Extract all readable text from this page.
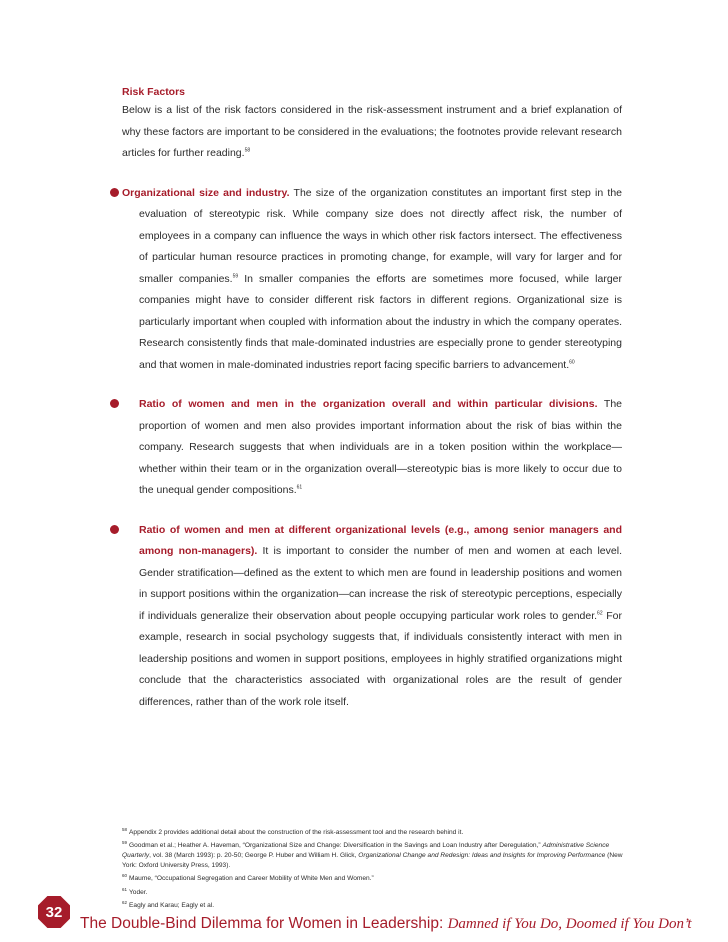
Risk Factors

Below is a list of the risk factors considered in the risk-assessment instrument and a brief explanation of why these factors are important to be considered in the evaluations; the footnotes provide relevant research articles for further reading.$^{58}$

Organizational size and industry. The size of the organization constitutes an important first step in the evaluation of stereotypic risk. While company size does not directly affect risk, the number of employees in a company can influence the ways in which other risk factors intersect. The effectiveness of particular human resource practices in promoting change, for example, will vary for larger and for smaller companies.$^{59}$ In smaller companies the efforts are sometimes more focused, while larger companies might have to consider different risk factors in different regions. Organizational size is particularly important when coupled with information about the industry in which the company operates. Research consistently finds that male-dominated industries are especially prone to gender stereotyping and that women in male-dominated industries report facing specific barriers to advancement.$^{60}$
Ratio of women and men in the organization overall and within particular divisions. The proportion of women and men also provides important information about the risk of bias within the company. Research suggests that when individuals are in a token position within the workplace—whether within their team or in the organization overall—stereotypic bias is more likely to occur due to the unequal gender compositions.$^{61}$
Ratio of women and men at different organizational levels (e.g., among senior managers and among non-managers). It is important to consider the number of men and women at each level. Gender stratification—defined as the extent to which men are found in leadership positions and women in support positions within the organization—can increase the risk of stereotypic perceptions, especially if individuals generalize their observation about people occupying particular work roles to gender.$^{62}$ For example, research in social psychology suggests that, if individuals consistently interact with men in leadership positions and women in support positions, employees in highly stratified organizations might conclude that the characteristics associated with organizational roles are the result of gender differences, rather than of the work role itself.
$^{58}$ Appendix 2 provides additional detail about the construction of the risk-assessment tool and the research behind it.
$^{59}$ Goodman et al.; Heather A. Haveman, “Organizational Size and Change: Diversification in the Savings and Loan Industry after Deregulation,” Administrative Science Quarterly, vol. 38 (March 1993): p. 20-50; George P. Huber and William H. Glick, Organizational Change and Redesign: Ideas and Insights for Improving Performance (New York: Oxford University Press, 1993).
$^{60}$ Maume, “Occupational Segregation and Career Mobility of White Men and Women.”
$^{61}$ Yoder.
$^{62}$ Eagly and Karau; Eagly et al.
32
The Double-Bind Dilemma for Women in Leadership: Damned if You Do, Doomed if You Don’t
